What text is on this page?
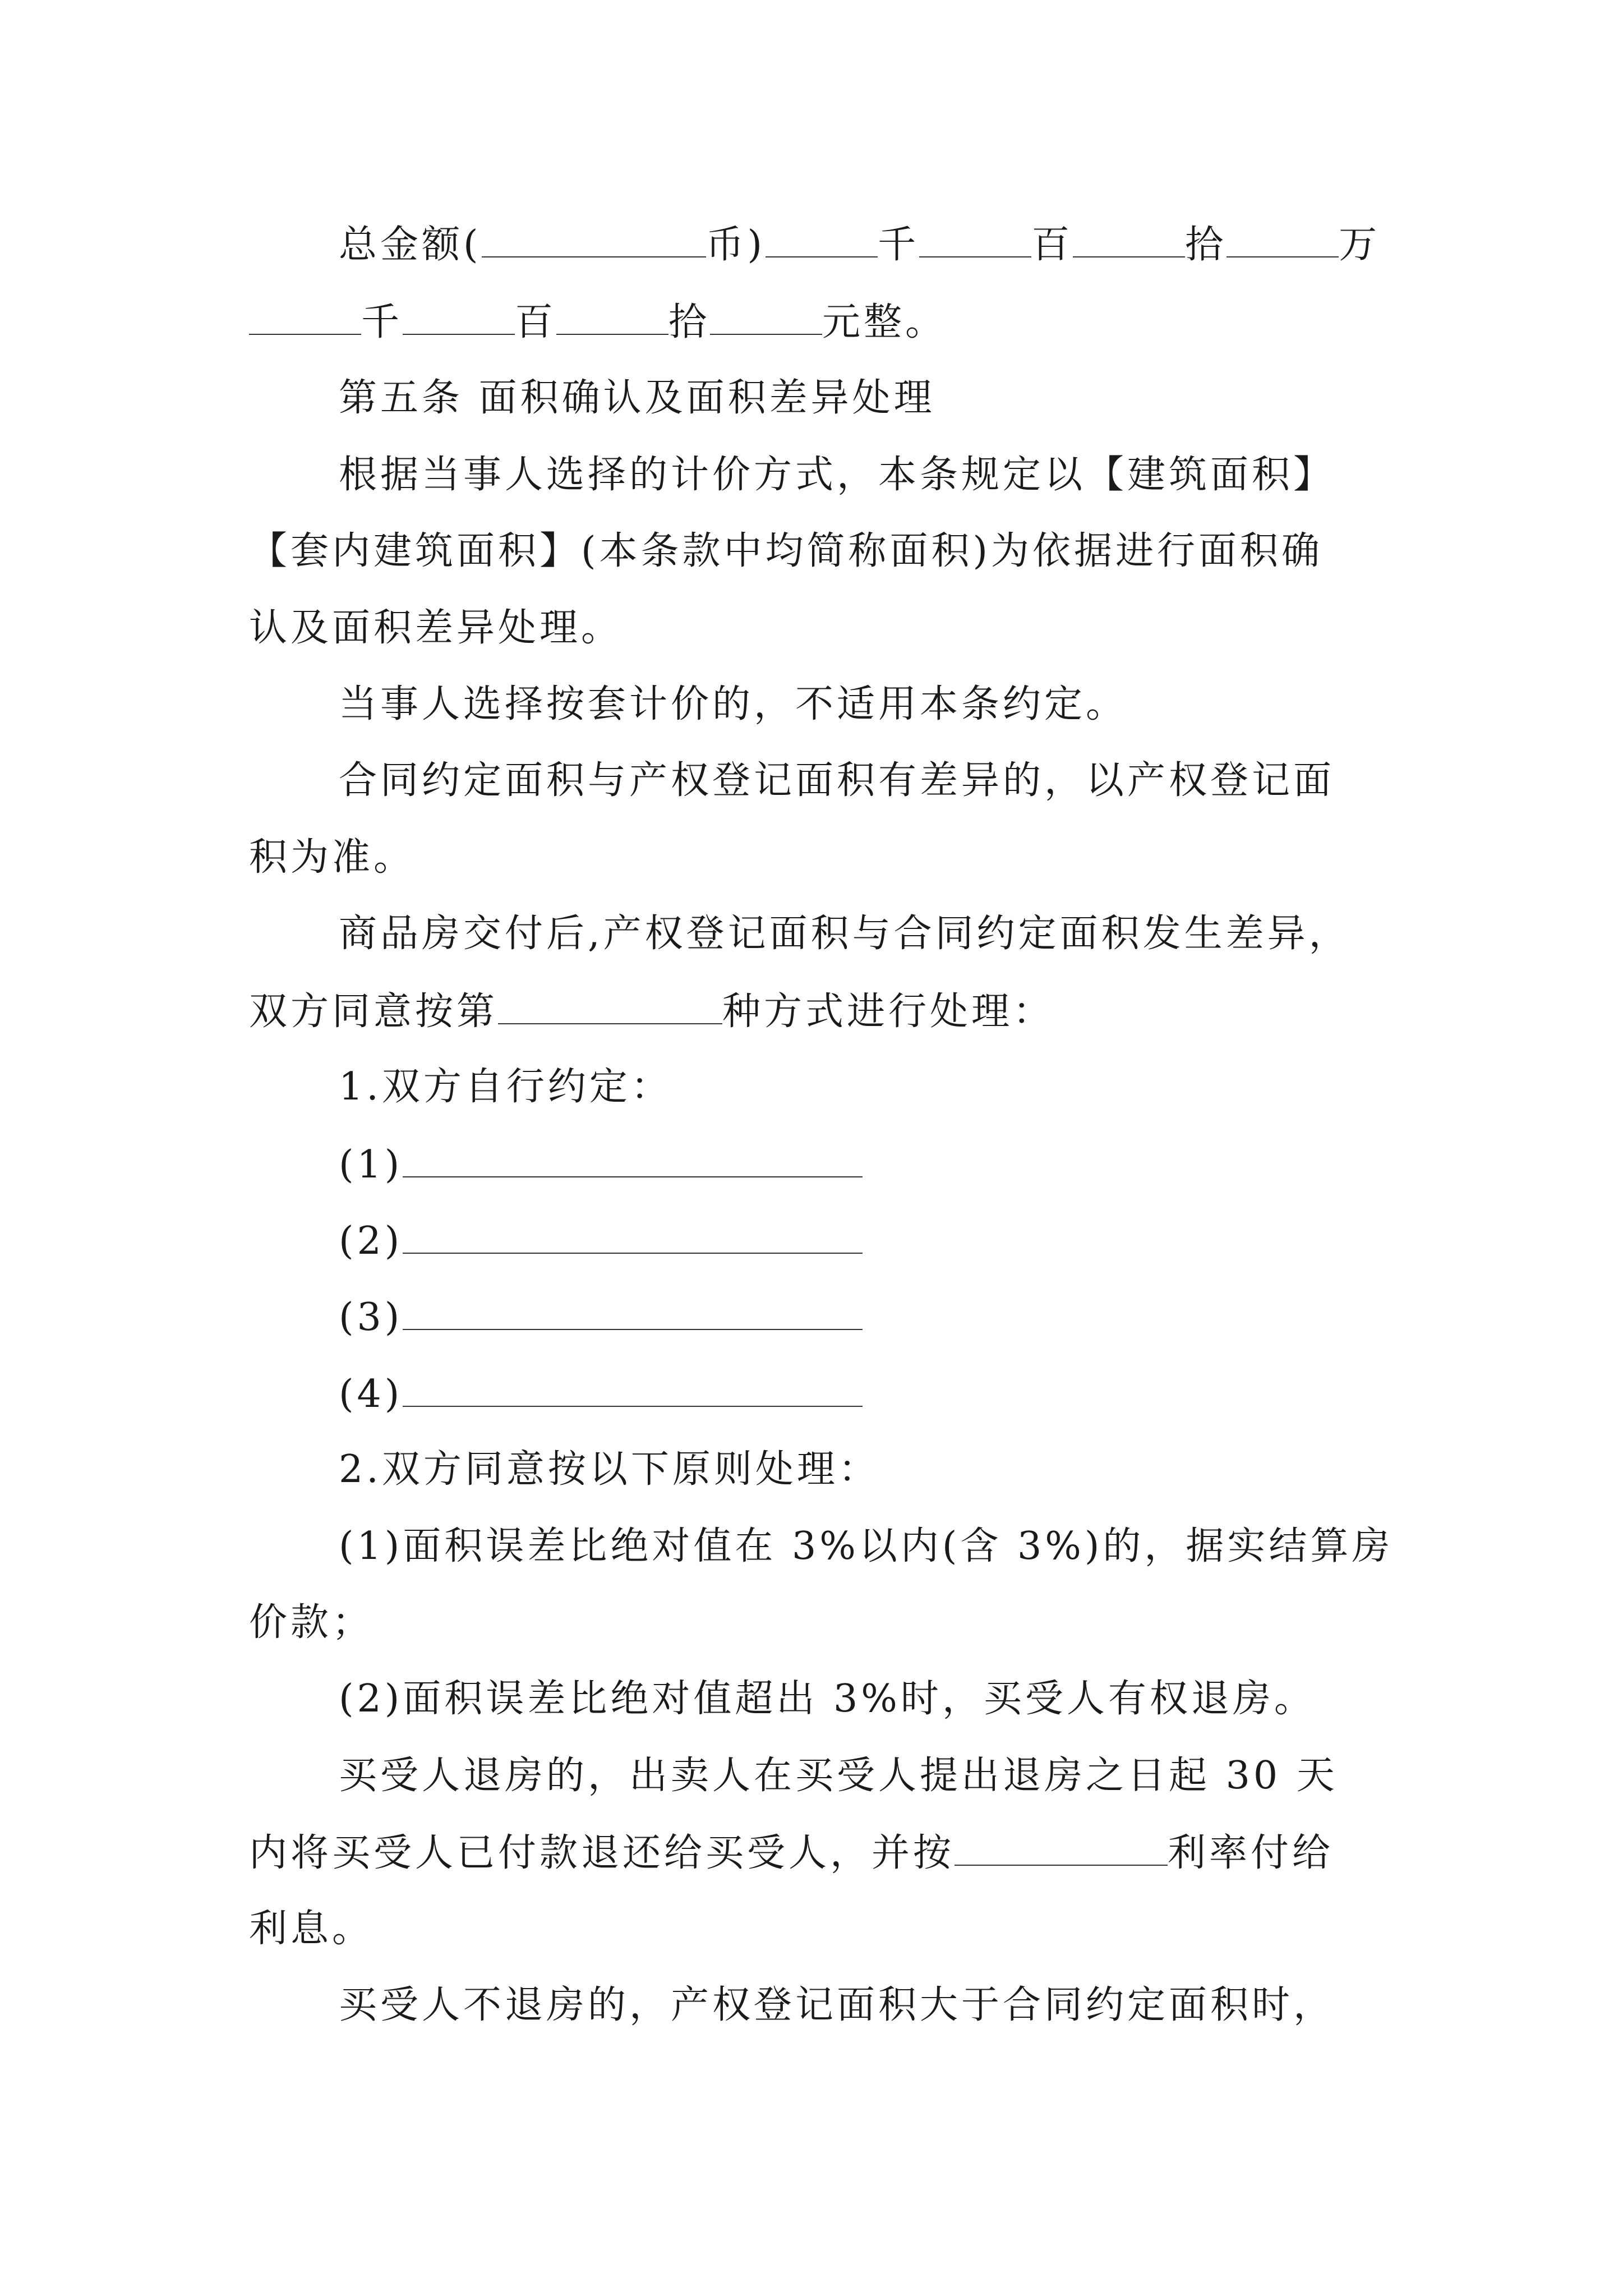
总金额(	币)	千	百	拾	万
千	百	拾	元整。
第五条 面积确认及面积差异处理
根据当事人选择的计价方式，本条规定以【建筑面积】
【套内建筑面积】(本条款中均简称面积)为依据进行面积确
认及面积差异处理。
当事人选择按套计价的，不适用本条约定。
合同约定面积与产权登记面积有差异的，以产权登记面
积为准。
商品房交付后,产权登记面积与合同约定面积发生差异，
双方同意按第	种方式进行处理：
1.双方自行约定：
(1)
(2)
(3)
(4)
2.双方同意按以下原则处理：
(1)面积误差比绝对值在 3%以内(含 3%)的，据实结算房
价款；
(2)面积误差比绝对值超出 3%时，买受人有权退房。
买受人退房的，出卖人在买受人提出退房之日起 30 天
内将买受人已付款退还给买受人，并按	利率付给
利息。
买受人不退房的，产权登记面积大于合同约定面积时，
